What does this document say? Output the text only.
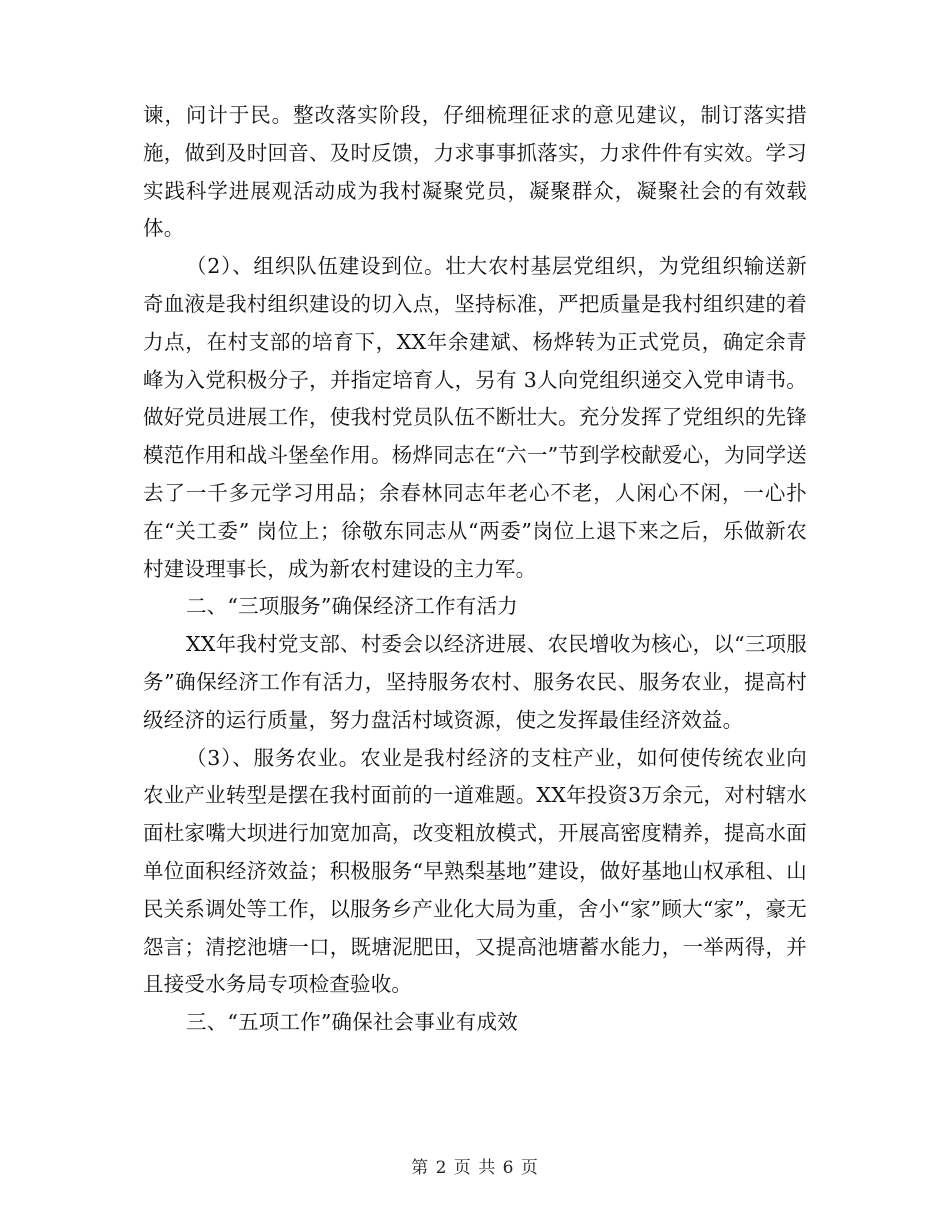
谏，问计于民。整改落实阶段，仔细梳理征求的意见建议，制订落实措施，做到及时回音、及时反馈，力求事事抓落实，力求件件有实效。学习实践科学进展观活动成为我村凝聚党员，凝聚群众，凝聚社会的有效载体。

（2）、组织队伍建设到位。壮大农村基层党组织，为党组织输送新奇血液是我村组织建设的切入点，坚持标准，严把质量是我村组织建的着力点，在村支部的培育下，XX年余建斌、杨烨转为正式党员，确定余青峰为入党积极分子，并指定培育人，另有 3人向党组织递交入党申请书。做好党员进展工作，使我村党员队伍不断壮大。充分发挥了党组织的先锋模范作用和战斗堡垒作用。杨烨同志在“六一”节到学校献爱心，为同学送去了一千多元学习用品；余春林同志年老心不老，人闲心不闲，一心扑在“关工委” 岗位上；徐敬东同志从“两委”岗位上退下来之后，乐做新农村建设理事长，成为新农村建设的主力军。

二、“三项服务”确保经济工作有活力

XX年我村党支部、村委会以经济进展、农民增收为核心，以“三项服务”确保经济工作有活力，坚持服务农村、服务农民、服务农业，提高村级经济的运行质量，努力盘活村域资源，使之发挥最佳经济效益。

（3）、服务农业。农业是我村经济的支柱产业，如何使传统农业向农业产业转型是摆在我村面前的一道难题。XX年投资3万余元，对村辖水面杜家嘴大坝进行加宽加高，改变粗放模式，开展高密度精养，提高水面单位面积经济效益；积极服务“早熟梨基地”建设，做好基地山权承租、山民关系调处等工作，以服务乡产业化大局为重，舍小“家”顾大“家”，豪无怨言；清挖池塘一口，既塘泥肥田，又提高池塘蓄水能力，一举两得，并且接受水务局专项检查验收。

三、“五项工作”确保社会事业有成效

第 2 页 共 6 页
